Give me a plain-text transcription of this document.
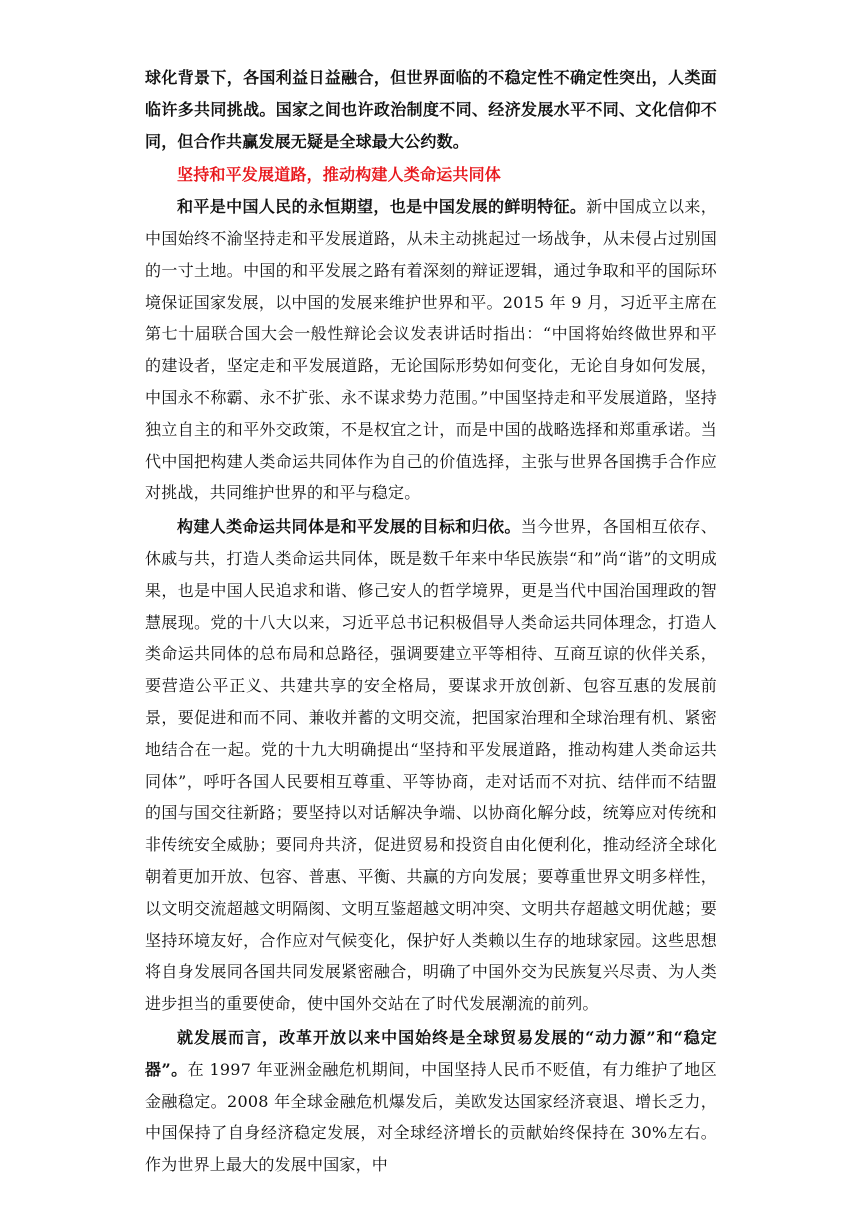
球化背景下，各国利益日益融合，但世界面临的不稳定性不确定性突出，人类面临许多共同挑战。国家之间也许政治制度不同、经济发展水平不同、文化信仰不同，但合作共赢发展无疑是全球最大公约数。

坚持和平发展道路，推动构建人类命运共同体

和平是中国人民的永恒期望，也是中国发展的鲜明特征。新中国成立以来，中国始终不渝坚持走和平发展道路，从未主动挑起过一场战争，从未侵占过别国的一寸土地。中国的和平发展之路有着深刻的辩证逻辑，通过争取和平的国际环境保证国家发展，以中国的发展来维护世界和平。2015 年 9 月，习近平主席在第七十届联合国大会一般性辩论会议发表讲话时指出：“中国将始终做世界和平的建设者，坚定走和平发展道路，无论国际形势如何变化，无论自身如何发展，中国永不称霸、永不扩张、永不谋求势力范围。”中国坚持走和平发展道路，坚持独立自主的和平外交政策，不是权宜之计，而是中国的战略选择和郑重承诺。当代中国把构建人类命运共同体作为自己的价值选择，主张与世界各国携手合作应对挑战，共同维护世界的和平与稳定。

构建人类命运共同体是和平发展的目标和归依。当今世界，各国相互依存、休戚与共，打造人类命运共同体，既是数千年来中华民族崇“和”尚“谐”的文明成果，也是中国人民追求和谐、修己安人的哲学境界，更是当代中国治国理政的智慧展现。党的十八大以来，习近平总书记积极倡导人类命运共同体理念，打造人类命运共同体的总布局和总路径，强调要建立平等相待、互商互谅的伙伴关系，要营造公平正义、共建共享的安全格局，要谋求开放创新、包容互惠的发展前景，要促进和而不同、兼收并蓄的文明交流，把国家治理和全球治理有机、紧密地结合在一起。党的十九大明确提出“坚持和平发展道路，推动构建人类命运共同体”，呼吁各国人民要相互尊重、平等协商，走对话而不对抗、结伴而不结盟的国与国交往新路；要坚持以对话解决争端、以协商化解分歧，统筹应对传统和非传统安全威胁；要同舟共济，促进贸易和投资自由化便利化，推动经济全球化朝着更加开放、包容、普惠、平衡、共赢的方向发展；要尊重世界文明多样性，以文明交流超越文明隔阂、文明互鉴超越文明冲突、文明共存超越文明优越；要坚持环境友好，合作应对气候变化，保护好人类赖以生存的地球家园。这些思想将自身发展同各国共同发展紧密融合，明确了中国外交为民族复兴尽责、为人类进步担当的重要使命，使中国外交站在了时代发展潮流的前列。

就发展而言，改革开放以来中国始终是全球贸易发展的“动力源”和“稳定器”。在 1997 年亚洲金融危机期间，中国坚持人民币不贬值，有力维护了地区金融稳定。2008 年全球金融危机爆发后，美欧发达国家经济衰退、增长乏力，中国保持了自身经济稳定发展，对全球经济增长的贡献始终保持在 30%左右。作为世界上最大的发展中国家，中
